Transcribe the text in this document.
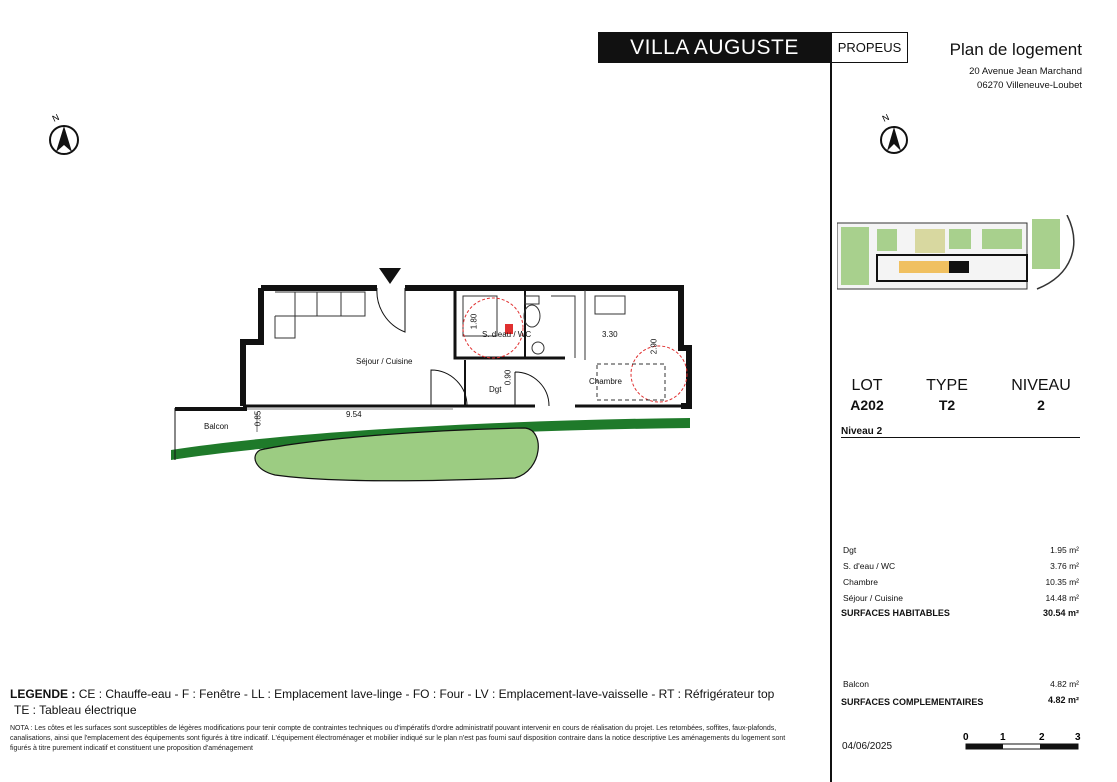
VILLA AUGUSTE	PROPEUS	Plan de logement
20 Avenue Jean Marchand
06270 Villeneuve-Loubet
N	N
LOT
A202
TYPE
T2
NIVEAU
2
Niveau 2
Dgt	1.95 m²
S. d'eau / WC	3.76 m²
Chambre	10.35 m²
Séjour / Cuisine	14.48 m²
SURFACES HABITABLES	30.54 m²
Balcon	4.82 m²
SURFACES COMPLEMENTAIRES	4.82 m²
04/06/2025
0	1	2	3
Séjour / Cuisine
S. d'eau / WC
Chambre
Dgt
Balcon
9.54
3.30
2.90
1.80
0.85
0.90
LEGENDE : CE : Chauffe-eau - F : Fenêtre - LL : Emplacement lave-linge - FO : Four - LV : Emplacement-lave-vaisselle - RT : Réfrigérateur top
TE : Tableau électrique
NOTA : Les côtes et les surfaces sont susceptibles de légères modifications pour tenir compte de contraintes techniques ou d'impératifs d'ordre administratif pouvant intervenir en cours de réalisation du projet. Les retombées, soffites, faux-plafonds, canalisations, ainsi que l'emplacement des équipements sont figurés à titre indicatif. L'équipement électroménager et mobilier indiqué sur le plan n'est pas fourni sauf disposition contraire dans la notice descriptive Les aménagements du logement sont figurés à titre purement indicatif et constituent une proposition d'aménagement
